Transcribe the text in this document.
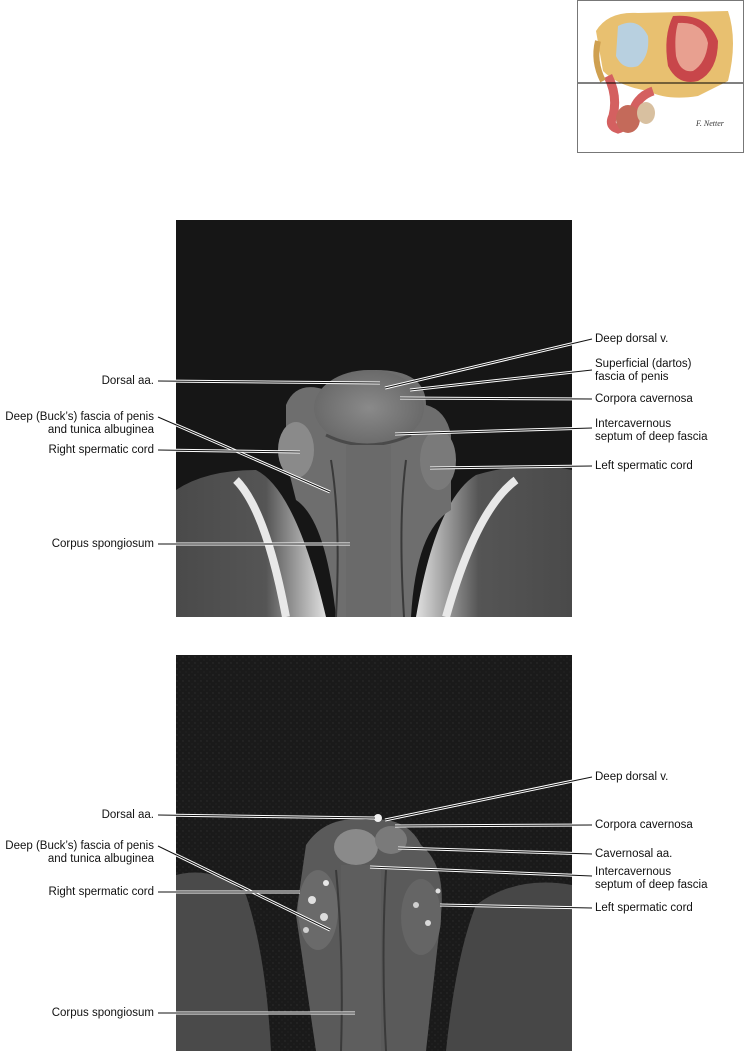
F. Netter
Dorsal aa.
Deep (Buck’s) fascia of penis
and tunica albuginea
Right spermatic cord
Corpus spongiosum
Deep dorsal v.
Superficial (dartos)
fascia of penis
Corpora cavernosa
Intercavernous
septum of deep fascia
Left spermatic cord
Dorsal aa.
Deep (Buck’s) fascia of penis
and tunica albuginea
Right spermatic cord
Corpus spongiosum
Deep dorsal v.
Corpora cavernosa
Cavernosal aa.
Intercavernous
septum of deep fascia
Left spermatic cord
